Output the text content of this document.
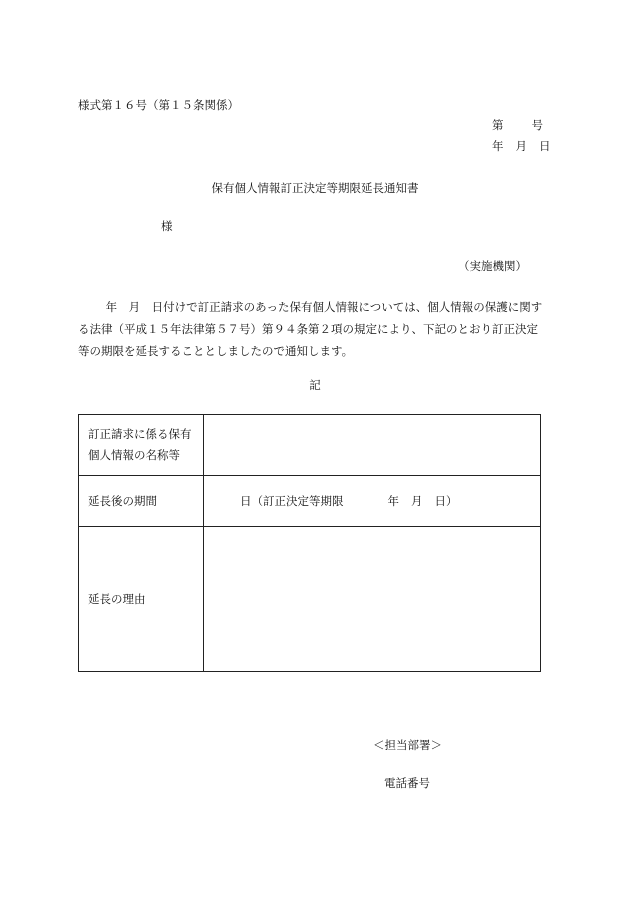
様式第１６号（第１５条関係）
第 号
年 月 日
保有個人情報訂正決定等期限延長通知書
様
（実施機関）
年　月　日付けで訂正請求のあった保有個人情報については、個人情報の保護に関する法律（平成１５年法律第５７号）第９４条第２項の規定により、下記のとおり訂正決定等の期限を延長することとしましたので通知します。
記
訂正請求に係る保有個人情報の名称等	

延長後の期間	日（訂正決定等期限 年 月 日）
延長の理由	
＜担当部署＞
電話番号
